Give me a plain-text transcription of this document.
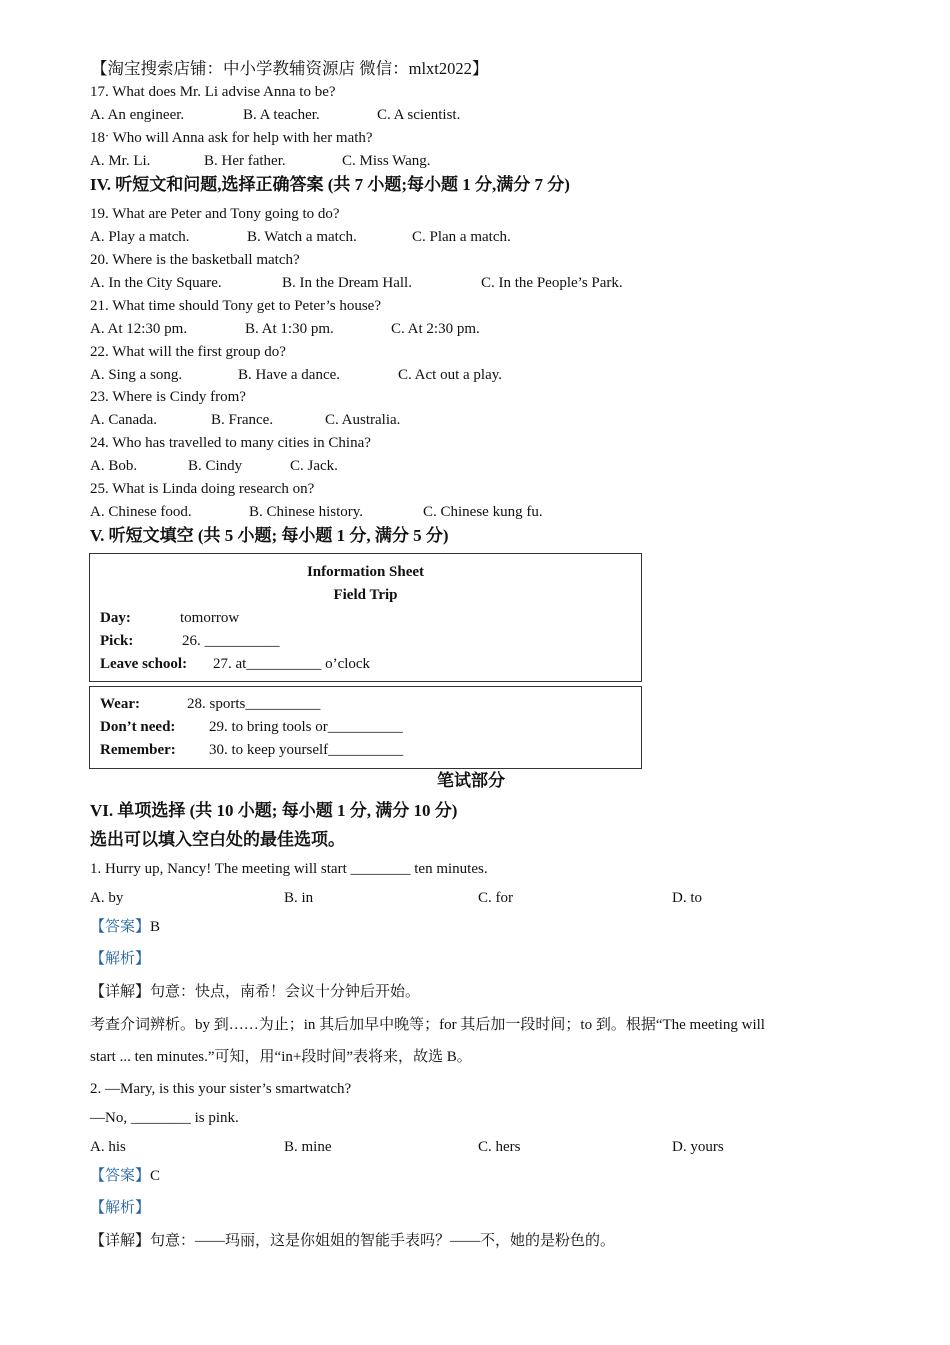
【淘宝搜索店铺：中小学教辅资源店 微信：mlxt2022】
17. What does Mr. Li advise Anna to be?
A. An engineer.	B. A teacher.	C. A scientist.
18ˑ Who will Anna ask for help with her math?
A. Mr. Li.	B. Her father.	C. Miss Wang.
IV. 听短文和问题,选择正确答案 (共 7 小题;每小题 1 分,满分 7 分)
19. What are Peter and Tony going to do?
A. Play a match.	B. Watch a match.	C. Plan a match.
20. Where is the basketball match?
A. In the City Square.	B. In the Dream Hall.	C. In the People’s Park.
21. What time should Tony get to Peter’s house?
A. At 12:30 pm.	B. At 1:30 pm.	C. At 2:30 pm.
22. What will the first group do?
A. Sing a song.	B. Have a dance.	C. Act out a play.
23. Where is Cindy from?
A. Canada.	B. France.	C. Australia.
24. Who has travelled to many cities in China?
A. Bob.	B. Cindy	C. Jack.
25. What is Linda doing research on?
A. Chinese food.	B. Chinese history.	C. Chinese kung fu.
V. 听短文填空 (共 5 小题; 每小题 1 分, 满分 5 分)
Information Sheet
Field Trip
Day:	tomorrow
Pick:	26. __________
Leave school: 27. at__________ o’clock
Wear:	28. sports__________
Don’t need: 29. to bring tools or__________
Remember: 30. to keep yourself__________
笔试部分
VI. 单项选择 (共 10 小题; 每小题 1 分, 满分 10 分)
选出可以填入空白处的最佳选项。
1. Hurry up, Nancy! The meeting will start ________ ten minutes.
A. by	B. in	C. for	D. to
【答案】B
【解析】
【详解】句意：快点，南希！会议十分钟后开始。
考查介词辨析。by 到……为止；in 其后加早中晚等；for 其后加一段时间；to 到。根据“The meeting will
start ... ten minutes.”可知，用“in+段时间”表将来，故选 B。
2. —Mary, is this your sister’s smartwatch?
—No, ________ is pink.
A. his	B. mine	C. hers	D. yours
【答案】C
【解析】
【详解】句意：——玛丽，这是你姐姐的智能手表吗？——不，她的是粉色的。
